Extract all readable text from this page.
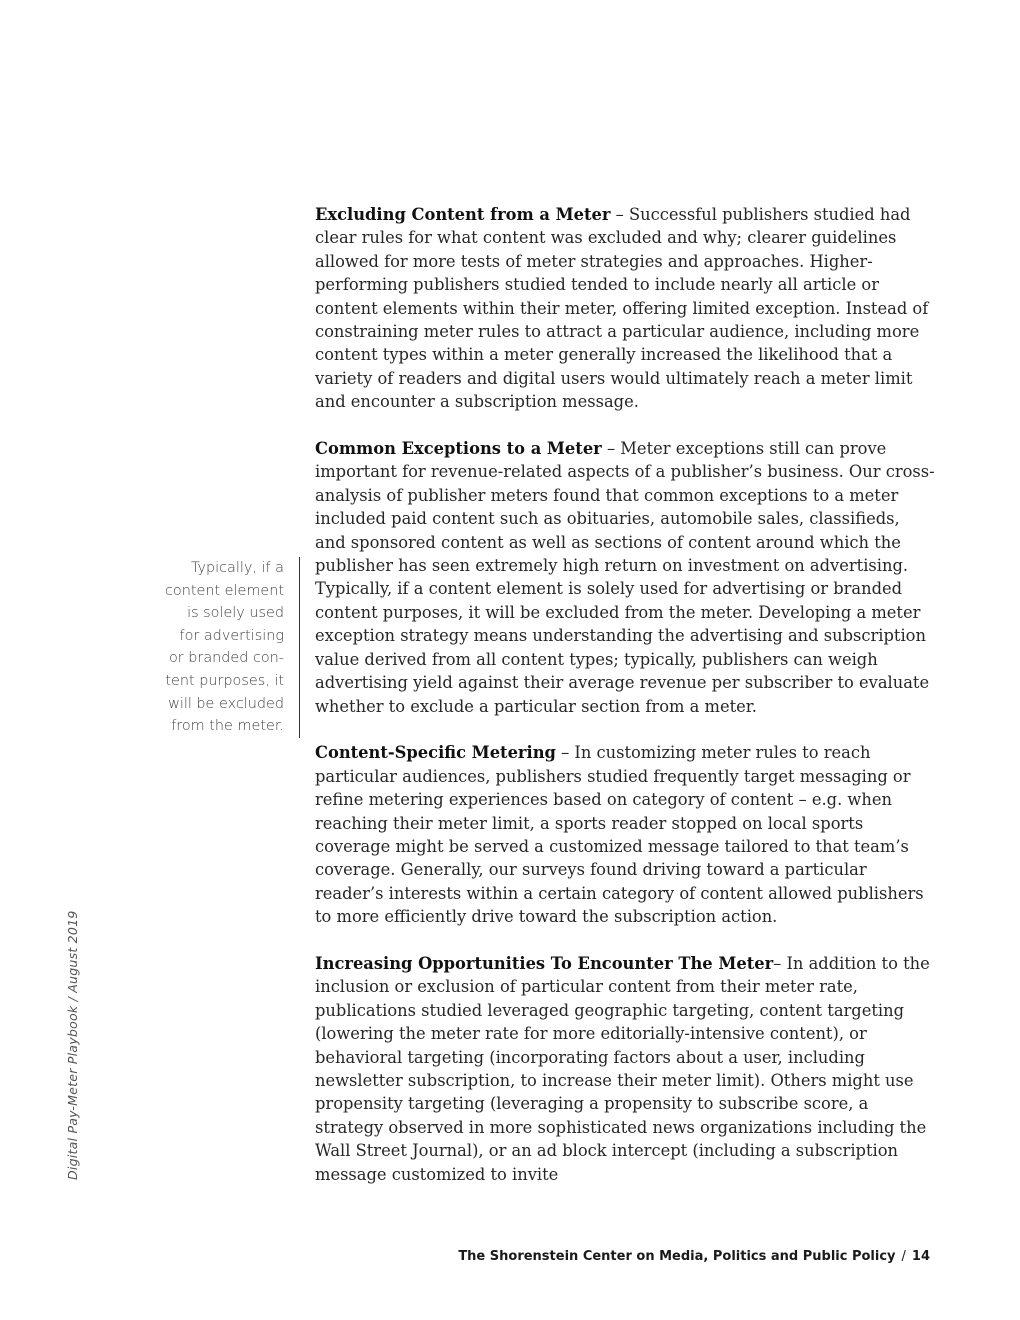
Excluding Content from a Meter – Successful publishers studied had clear rules for what content was excluded and why; clearer guidelines allowed for more tests of meter strategies and approaches. Higher-performing publishers studied tended to include nearly all article or content elements within their meter, offering limited exception. Instead of constraining meter rules to attract a particular audience, including more content types within a meter generally increased the likelihood that a variety of readers and digital users would ultimately reach a meter limit and encounter a subscription message.

Common Exceptions to a Meter – Meter exceptions still can prove important for revenue-related aspects of a publisher’s business. Our cross-analysis of publisher meters found that common exceptions to a meter included paid content such as obituaries, automobile sales, classifieds, and sponsored content as well as sections of content around which the publisher has seen extremely high return on investment on advertising. Typically, if a content element is solely used for advertising or branded content purposes, it will be excluded from the meter. Developing a meter exception strategy means understanding the advertising and subscription value derived from all content types; typically, publishers can weigh advertising yield against their average revenue per subscriber to evaluate whether to exclude a particular section from a meter.

Content-Specific Metering – In customizing meter rules to reach particular audiences, publishers studied frequently target messaging or refine metering experiences based on category of content – e.g. when reaching their meter limit, a sports reader stopped on local sports coverage might be served a customized message tailored to that team’s coverage. Generally, our surveys found driving toward a particular reader’s interests within a certain category of content allowed publishers to more efficiently drive toward the subscription action.

Increasing Opportunities To Encounter The Meter– In addition to the inclusion or exclusion of particular content from their meter rate, publications studied leveraged geographic targeting, content targeting (lowering the meter rate for more editorially-intensive content), or behavioral targeting (incorporating factors about a user, including newsletter subscription, to increase their meter limit). Others might use propensity targeting (leveraging a propensity to subscribe score, a strategy observed in more sophisticated news organizations including the Wall Street Journal), or an ad block intercept (including a subscription message customized to invite

Typically, if a
content element
is solely used
for advertising
or branded con-
tent purposes, it
will be excluded
from the meter.
Digital Pay-Meter Playbook / August 2019
The Shorenstein Center on Media, Politics and Public Policy / 14
